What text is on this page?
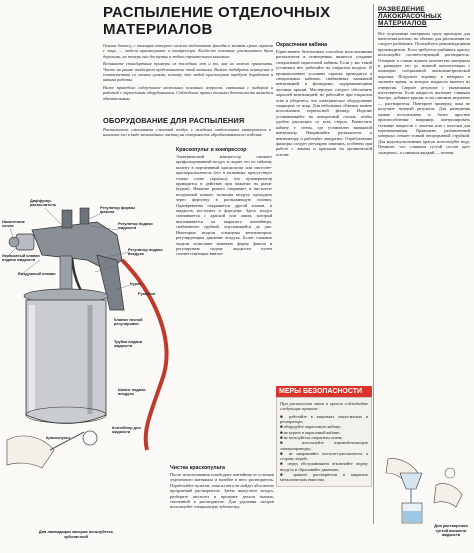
РАСПЫЛЕНИЕ ОТДЕЛОЧНЫХ МАТЕРИАЛОВ

Основа бизнесу, с помощью которого можно отделывать фасады и менять сроки окраски с лица, — модели краскопульта и компрессора. Когда-то основные распылители были дорогими, но теперь они доступны в любом строительном магазине.

Вспомните стандартные примеры из последних лет и то, как их можно применить. Часто на рынке изобилуют представители этой техники. Важно подобрать оснащение в соответствии со своими целями, потому что любой краскопульт требует доработки и навыка работы.

Ниже приведено содержание нескольких основных вопросов, связанных с выбором и работой с окрасочным оборудованием. Соблюдение правил техники безопасности является обязательным.

ОБОРУДОВАНИЕ ДЛЯ РАСПЫЛЕНИЯ
Распылитель смешивает сжатый воздух с жидким отделочным материалом и наносит его в виде мельчайших частиц на поверхность обрабатываемого изделия.
Краскопульт и компрессор
Электрический компрессор сжимает профильтрованный воздух и подает его по гибкому шлангу в портативный краскопульт или пистолет-краскораспылитель (его в названиях присутствует только слово «краска»), что пульверизатор приводится в действие при нажатии на рычаг (курок). Нажатие рычага открывает в пистолете воздушный клапан, позволяя воздуху проходить через форсунку в распыляющую головку. Одновременно открывается другой клапан, и жидкость поступает к форсунке. Здесь воздух смешивается с краской или лаком, который выталкивается из закрытого контейнера, снабженного трубкой, опускающейся до дна. Некоторые модели оснащены вентилятором, регулирующим давление воздуха. Более сложные модели позволяют изменять форму факела и регулировать подачу жидкости путем соответствующих винтов.
Окрасочная кабина
Единственно безопасным способом использования распылителя в помещениях является создание специальной окрасочной кабины. Если у вас такой установки нет, работайте на открытом воздухе. В промышленных условиях окраска проводится в специальных кабинах, снабженных вытяжной вентиляцией и фильтрами, задерживающими частицы краски. Мастерскую следует обеспечить хорошей вентиляцией; не работайте при открытом огне и убедитесь, что электрическое оборудование защищено от искр. Для небольших объемов можно использовать переносной фильтр. Изделие устанавливайте на поворотный столик, чтобы удобно распылять со всех сторон. Разместите кабину у стены, где установлен вытяжной вентилятор. Направляйте распылитель к вентилятору и работайте аккуратно. Отработавшие фильтры следует регулярно заменять, особенно при работе с лаками и красками на органической основе.
РАЗВЕДЕНИЕ ЛАКОКРАСОЧНЫХ МАТЕРИАЛОВ
Все отделочные материалы сразу пригодны для нанесения кистью, но обычно для распыления их следует разбавлять. Пользуйтесь рекомендациями производителя. Если требуется разбавить краску, используйте соответствующий растворитель. Отмерьте в стакан нужное количество материала и разведите его до нужной консистенции с помощью специальной вискозиметрической воронки. Погрузите воронку в материал и засеките время, за которое жидкость вытечет из отверстия. Сверьте результат с указаниями изготовителя. Если жидкость вытекает слишком быстро, добавьте краски; если слишком медленно — растворителя. Повторите проверку, пока не получите нужный результат. Для разведения можно использовать и более простые приспособления: например, контролировать стекание жидкости с лопатки или с палочки для перемешивания. Правильно разбавленный материал стекает тонкой непрерывной струйкой. Для водоэмульсионных красок используйте воду. Помните, что слишком густой состав дает «шагрень», а слишком жидкий — потеки.
МЕРЫ БЕЗОПАСНОСТИ
При распылении лаков и красок соблюдайте следующие правила:
■ работайте в защитных очках-масках и респираторе;
■ оборудуйте окрасочную кабину;
■ не курите в окрасочной кабине;
■ не пользуйтесь открытым огнем;
■ используйте взрывобезопасную электропроводку;
■ не направляйте пистолет-распылитель в сторону людей;
■ перед обслуживанием отключайте подачу воздуха и сбрасывайте давление;
■ храните растворители в закрытых металлических емкостях.
Чистка краскопульта
После использования освободите контейнер от остатков отделочного материала и налейте в него растворитель. Поработайте пультом, пока из него не пойдет абсолютно прозрачный растворитель. Затем выпустите воздух, разберите пистолет и протрите детали тканью, смоченной в растворителе. Для удаления засоров используйте специальную зубочистку.
Диффузор-распылитель
Регулятор формы факела
Регулятор подачи жидкости
Наконечник сопла
Игольчатый клапан подачи жидкости
Воздушный клапан
Регулятор подачи воздуха
Курок
Рукоятка
Клапан точной регулировки
Трубка подачи жидкости
Шланг подачи воздуха
Контейнер для жидкости
Краскопульт
Для ликвидации засоров пользуйтесь зубочисткой
Для растворения густой вязкости жидкости
